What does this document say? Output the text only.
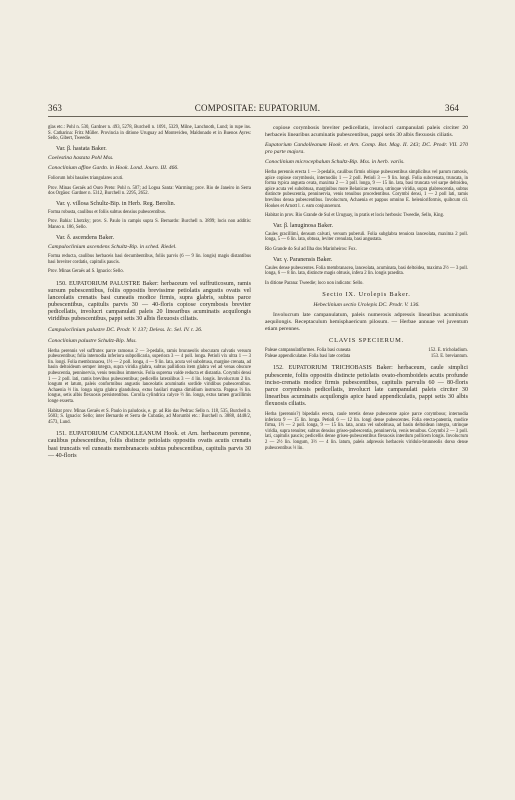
363	COMPOSITAE: EUPATORIUM.	364
glas etc.: Pohl n. 530, Gardner n. 493, 5278, Burchell n. 1091, 5329, Milne, Lanchnoth, Lund; in rupe ins. S. Catharina: Fritz Müller. Provincia in ditione Uruguay ad Montevideo, Maldonado et in Buenos Ayres: Sello, Gibert, Tweedie.
Var. β. hastata Baker.
Coelestina hastata Pohl Mss.
Conoclinium affine Gardn. in Hook. Lond. Journ. III. 466.
Foliorum lobi basales triangulares acuti.
Prov. Minas Geraës ad Ouro Preto: Pohl n. 507; ad Logoa Santa: Warming; prov. Rio de Janeiro in Serra dos Orgãos: Gardner n. 5312, Burchell n. 2295, 2652.
Var. γ. villosa Schultz-Bip. in Herb. Reg. Berolin.
Forma robusta, caulibus et foliis subtus densius pubescentibus.
Prov. Bahia: Lhotzky; prov. S. Paulo in campis supra S. Bernardo: Burchell n. 3899; locis non additis: Manso n. 186, Sello.
Var. δ. ascendens Baker.
Campuloclinium ascendens Schultz-Bip. in sched. Riedel.
Forma reducta, caulibus herbaceis basi decumbentibus, foliis parvis (6 — 9 lin. longis) magis distantibus basi breviter cordatis, capitulis paucis.
Prov. Minas Geraës ad S. Ignacio: Sello.
150. EUPATORIUM PALUSTRE Baker: herbaceum vel suffruticosum, ramis sursum pubescentibus, foliis oppositis brevissime petiolatis angustis ovatis vel lanceolatis crenatis basi cuneatis modice firmis, supra glabris, subtus parce pubescentibus, capitulis parvis 30 — 40-floris copiose corymbosis breviter pedicellatis, involucri campanulati paleis 20 linearibus acuminatis acquilongis viridibus pubescentibus, pappi setis 30 albis flexuosis ciliatis.
Campuloclinium palustre DC. Prodr. V. 137; Deless. Ic. Sel. IV. t. 26.
Conoclinium palustre Schultz-Bip. Mss.
Herba perennis vel suffrutex parce ramosus 2 — 3-pedalis, ramis brunneolis obscuram calvatis versum pubescentibus; folia internodia inferiora subpollicaria, superiora 3 — 4 poll. longa. Petioli vix ultra 1 — 3 lin. longi. Folia membranacea, 1½ — 2 poll. longa, 4 — 9 lin. lata, acuta vel subobtusa, margine crenata, ad basin deltoideum semper integra, supra viridia glabra, subtus pallidiora item glabra vel ad venas obscure pubescentia, penninervia, venis tenuibus immersis. Folia suprema valde reducta et distantia. Corymbi densi 1 — 2 poll. lati, ramis brevibus pubescentibus; pedicellis lateralibus 3 — 4 lin. longis. Involucrum 2 lin. longum et latum, paleis conformibus angustis lanceolatis acuminatis sordide viridibus pubescentibus. Achaenia ⅓ lin. longa nigra glabra glandulosa, extus basilari magna dimidium instructa. Pappus ⅔ lin. longus, setis albis flexuosis persistentibus. Corolla cylindrica calyce ½ lin. longa, extus tamen gracillimis longe exserta.
Habitat prov. Minas Geraës et S. Paulo in paludosis, e. gr. ad Rio das Pedras: Sello n. 118, 535, Burchell n. 5603; S. Ignacio: Sello; inter Bernardo et Serra de Cubatão, ad Morumbi etc.: Burchell n. 3888, 4448/2, 4573, Lund.
151. EUPATORIUM CANDOLLEANUM Hook. et Arn. herbaceum perenne, caulibus pubescentibus, foliis distincte petiolatis oppositis ovatis acutis crenatis basi truncatis vel cuneatis membranaceis subtus pubescentibus, capitulis parvis 30 — 40-floris
copiose corymbosis breviter pedicellatis, involucri campanulati paleis circiter 20 herbaceis linearibus acuminatis pubescentibus, pappi setis 30 albis flexuosis ciliatis.
Eupatorium Candolleanum Hook. et Arn. Comp. Bot. Mag. II. 243; DC. Prodr. VII. 270 pro parte majora.
Conoclinium microcephalum Schultz-Bip. Mss. in herb. variis.
Herba perennis erecta 1 — 3-pedalis, caulibus firmis obique pubescentibus simplicibus vel parum ramosis, apice copiose corymbosis, internodiis 1 — 2 poll. Petioli 3 — 9 lin. longi. Folia subcrenata, truncata, in forma typica angusta ovata, maxima 2 — 3 poll. longa, 9 — 15 lin. lata, basi truncata vel sarpe deltoidea, apice acuta vel subobtusa, marginibus more Belanicae crenata, utrinque viridia, supra glabrescentia, subtus distincte pubescentia, penninervia, venis tenuibus procedentibus. Corymbi densi, 1 — 2 poll lati, ramis brevibus densa pubescentibus. Involucrum, Achaenia et pappus omnino E. helenioriformis, quibcum cil. Hookes et Arnott l. c. eam conjunxerunt.
Habitat in prov. Rio Grande de Sul et Uruguay, in pratis et locis herbosis: Tweedie, Sello, King.
Var. β. lanuginosa Baker.
Caules gracillimi, densum calvati, versum puberuli. Folia subglabra tenuiora lanceolata, maxima 2 poll. longa, 5 — 6 lin. lata, obtusa, leviter crenulata, basi angustata.
Rio Grande do Sul ad Ilha dos Marinheiros: Fox.
Var. γ. Paranensis Baker.
Caules dense pubescentes. Folia membranacea, lanceolata, acuminata, basi deltoidea, maxima 2½ — 3 poll. longa, 6 — 8 lin. lata, distincte magis obtusis, infera 2 lin. longis praedita.
In ditione Parana: Tweedie; loco non indicato: Sello.
Sectio IX. Urolepis Baker.
Hebeclinium sectio Urolepis DC. Prodr. V. 136.
Involucrum late campanulatum, paleis numerosis adpressis linearibus acuminatis aequilongis. Receptaculum hemisphaericum pilosum. — Herbae annuae vel juventum etiam perennes.
CLAVIS SPECIERUM.
Paleae campanulatiformes. Folia basi cuneata	152. E. tricholadium.
Paleae appendiculatae. Folia basi late cordata	153. E. breviantum.
152. EUPATORIUM TRICHOBASIS Baker: herbaceum, caule simplici pubescente, foliis oppositis distincte petiolatis ovato-rhomboideis acutis profunde inciso-crenatis modice firmis pubescentibus, capitulis parvulis 60 — 80-floris parce corymbosis pedicellatis, involucri late campanulati paleis circiter 30 linearibus acuminatis acquilongis apice haud appendiculatis, pappi setis 30 albis flexuosis ciliatis.
Herba (perennis?) bipedalis erecta, caule teretis dense pubescente apice parce corymboso; internodia inferiora 9 — 15 lin. longa. Petioli 6 — 12 lin. longi dense pubescentes. Folia erecta-patentia, modice firma, 1½ — 2 poll. longa, 9 — 15 lin. lata, acuta vel subobtusa, ad basin deltoidean integra, utrinque viridia, supra tenuiter, subtus densius griseo-pubescentia, penninervia, venis tenuibus. Corymbi 2 — 3 poll. lati, capitulis paucis; pedicellis dense griseo-pubescentibus flexuosis interdum pollicem longis. Involucrum 2 — 2½ lin. longum, 3½ — 4 lin. latum, paleis adpressis herbaceis viridulo-brunneolis dorso dense pubescentibus ⅔ lin.
